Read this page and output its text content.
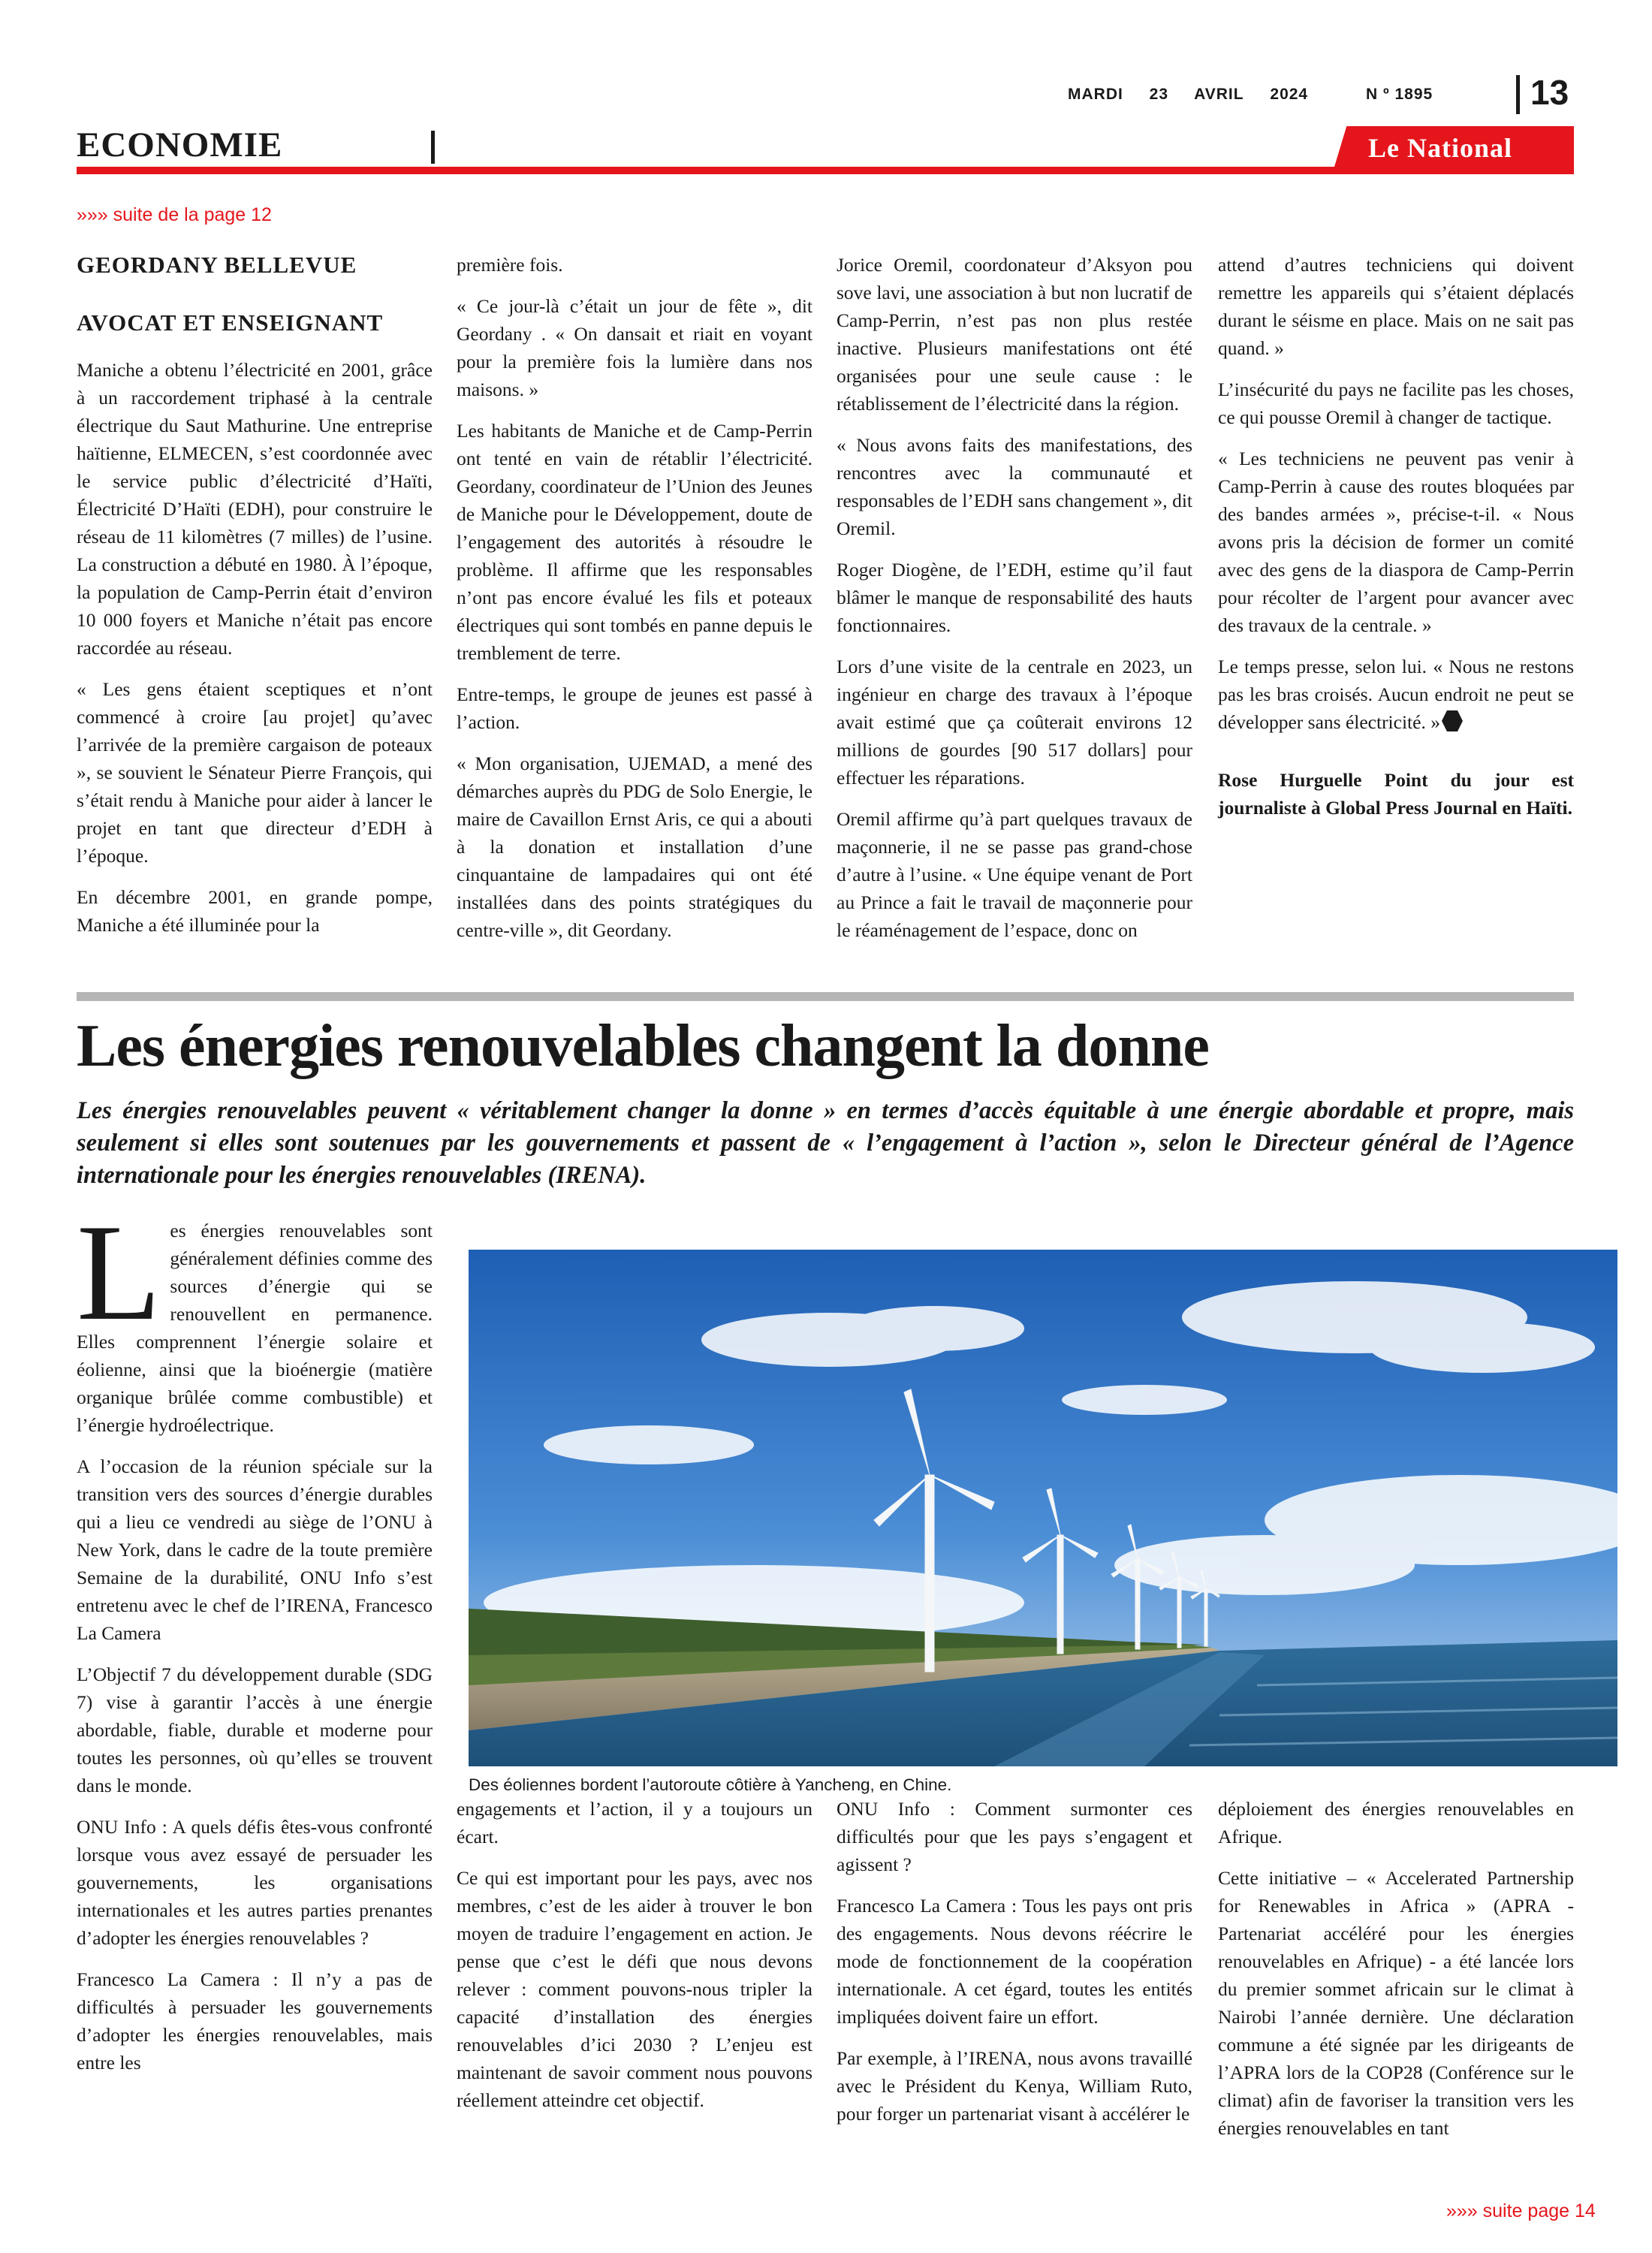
MARDI 23 AVRIL 2024	N º 1895	13
ECONOMIE	Le National
»»» suite de la page 12

GEORDANY BELLEVUE

AVOCAT ET ENSEIGNANT

Maniche a obtenu l’électricité en 2001, grâce à un raccordement triphasé à la centrale électrique du Saut Mathurine. Une entreprise haïtienne, ELMECEN, s’est coordonnée avec le service public d’électricité d’Haïti, Électricité D’Haïti (EDH), pour construire le réseau de 11 kilomètres (7 milles) de l’usine. La construction a débuté en 1980. À l’époque, la population de Camp-Perrin était d’environ 10 000 foyers et Maniche n’était pas encore raccordée au réseau.

« Les gens étaient sceptiques et n’ont commencé à croire [au projet] qu’avec l’arrivée de la première cargaison de poteaux », se souvient le Sénateur Pierre François, qui s’était rendu à Maniche pour aider à lancer le projet en tant que directeur d’EDH à l’époque.

En décembre 2001, en grande pompe, Maniche a été illuminée pour la

première fois.

« Ce jour-là c’était un jour de fête », dit Geordany . « On dansait et riait en voyant pour la première fois la lumière dans nos maisons. »

Les habitants de Maniche et de Camp-Perrin ont tenté en vain de rétablir l’électricité. Geordany, coordinateur de l’Union des Jeunes de Maniche pour le Développement, doute de l’engagement des autorités à résoudre le problème. Il affirme que les responsables n’ont pas encore évalué les fils et poteaux électriques qui sont tombés en panne depuis le tremblement de terre.

Entre-temps, le groupe de jeunes est passé à l’action.

« Mon organisation, UJEMAD, a mené des démarches auprès du PDG de Solo Energie, le maire de Cavaillon Ernst Aris, ce qui a abouti à la donation et installation d’une cinquantaine de lampadaires qui ont été installées dans des points stratégiques du centre-ville », dit Geordany.

Jorice Oremil, coordonateur d’Aksyon pou sove lavi, une association à but non lucratif de Camp-Perrin, n’est pas non plus restée inactive. Plusieurs manifestations ont été organisées pour une seule cause : le rétablissement de l’électricité dans la région.

« Nous avons faits des manifestations, des rencontres avec la communauté et responsables de l’EDH sans changement », dit Oremil.

Roger Diogène, de l’EDH, estime qu’il faut blâmer le manque de responsabilité des hauts fonctionnaires.

Lors d’une visite de la centrale en 2023, un ingénieur en charge des travaux à l’époque avait estimé que ça coûterait environs 12 millions de gourdes [90 517 dollars] pour effectuer les réparations.

Oremil affirme qu’à part quelques travaux de maçonnerie, il ne se passe pas grand-chose d’autre à l’usine. « Une équipe venant de Port au Prince a fait le travail de maçonnerie pour le réaménagement de l’espace, donc on

attend d’autres techniciens qui doivent remettre les appareils qui s’étaient déplacés durant le séisme en place. Mais on ne sait pas quand. »

L’insécurité du pays ne facilite pas les choses, ce qui pousse Oremil à changer de tactique.

« Les techniciens ne peuvent pas venir à Camp-Perrin à cause des routes bloquées par des bandes armées », précise-t-il. « Nous avons pris la décision de former un comité avec des gens de la diaspora de Camp-Perrin pour récolter de l’argent pour avancer avec des travaux de la centrale. »

Le temps presse, selon lui. « Nous ne restons pas les bras croisés. Aucun endroit ne peut se développer sans électricité. »

Rose Hurguelle Point du jour est journaliste à Global Press Journal en Haïti.

Les énergies renouvelables changent la donne
Les énergies renouvelables peuvent « véritablement changer la donne » en termes d’accès équitable à une énergie abordable et propre, mais seulement si elles sont soutenues par les gouvernements et passent de « l’engagement à l’action », selon le Directeur général de l’Agence internationale pour les énergies renouvelables (IRENA).

Les énergies renouvelables sont généralement définies comme des sources d’énergie qui se renouvellent en permanence. Elles comprennent l’énergie solaire et éolienne, ainsi que la bioénergie (matière organique brûlée comme combustible) et l’énergie hydroélectrique.

A l’occasion de la réunion spéciale sur la transition vers des sources d’énergie durables qui a lieu ce vendredi au siège de l’ONU à New York, dans le cadre de la toute première Semaine de la durabilité, ONU Info s’est entretenu avec le chef de l’IRENA, Francesco La Camera

L’Objectif 7 du développement durable (SDG 7) vise à garantir l’accès à une énergie abordable, fiable, durable et moderne pour toutes les personnes, où qu’elles se trouvent dans le monde.

ONU Info : A quels défis êtes-vous confronté lorsque vous avez essayé de persuader les gouvernements, les organisations internationales et les autres parties prenantes d’adopter les énergies renouvelables ?

Francesco La Camera : Il n’y a pas de difficultés à persuader les gouvernements d’adopter les énergies renouvelables, mais entre les

Des éoliennes bordent l’autoroute côtière à Yancheng, en Chine.

engagements et l’action, il y a toujours un écart.

Ce qui est important pour les pays, avec nos membres, c’est de les aider à trouver le bon moyen de traduire l’engagement en action. Je pense que c’est le défi que nous devons relever : comment pouvons-nous tripler la capacité d’installation des énergies renouvelables d’ici 2030 ? L’enjeu est maintenant de savoir comment nous pouvons réellement atteindre cet objectif.

ONU Info : Comment surmonter ces difficultés pour que les pays s’engagent et agissent ?

Francesco La Camera : Tous les pays ont pris des engagements. Nous devons réécrire le mode de fonctionnement de la coopération internationale. A cet égard, toutes les entités impliquées doivent faire un effort.

Par exemple, à l’IRENA, nous avons travaillé avec le Président du Kenya, William Ruto, pour forger un partenariat visant à accélérer le

déploiement des énergies renouvelables en Afrique.

Cette initiative – « Accelerated Partnership for Renewables in Africa » (APRA - Partenariat accéléré pour les énergies renouvelables en Afrique) - a été lancée lors du premier sommet africain sur le climat à Nairobi l’année dernière. Une déclaration commune a été signée par les dirigeants de l’APRA lors de la COP28 (Conférence sur le climat) afin de favoriser la transition vers les énergies renouvelables en tant

»»» suite page 14
